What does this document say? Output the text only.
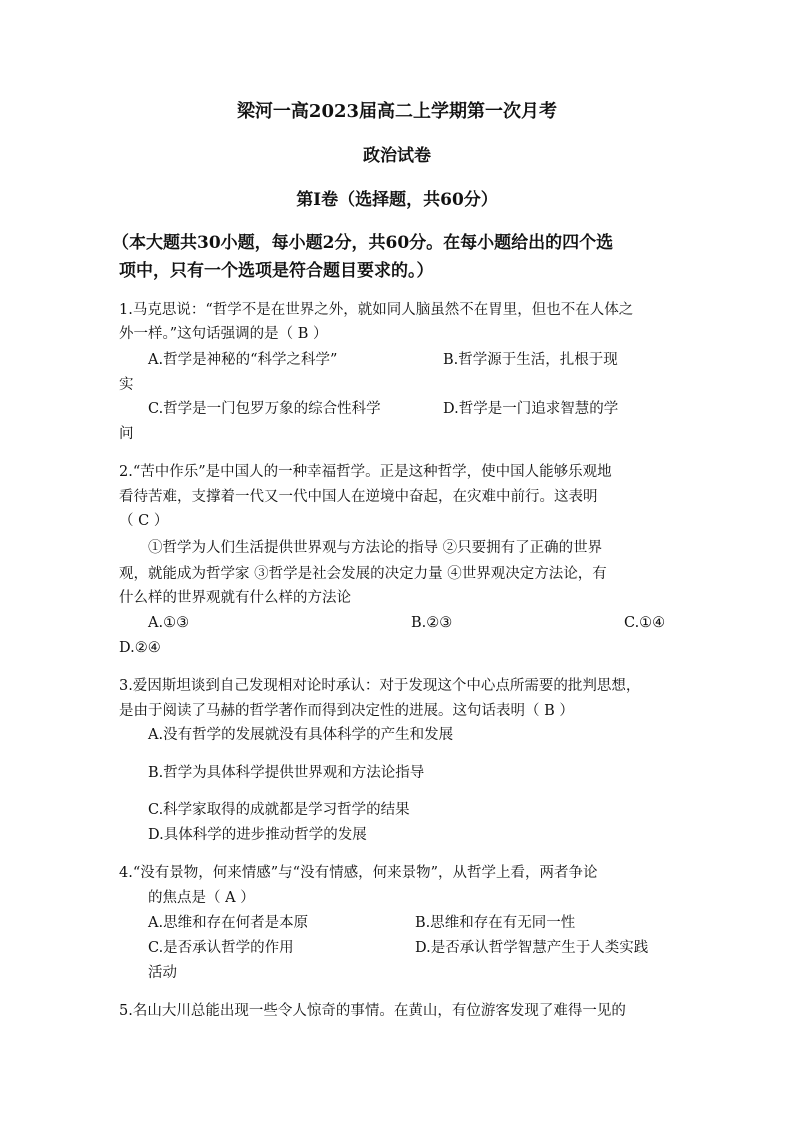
梁河一高2023届高二上学期第一次月考
政治试卷
第Ⅰ卷（选择题，共60分）
（本大题共30小题，每小题2分，共60分。在每小题给出的四个选
项中，只有一个选项是符合题目要求的。）
1.马克思说：“哲学不是在世界之外，就如同人脑虽然不在胃里，但也不在人体之
外一样。”这句话强调的是（ B ）
A.哲学是神秘的“科学之科学”	B.哲学源于生活，扎根于现
实
C.哲学是一门包罗万象的综合性科学	D.哲学是一门追求智慧的学
问
2.“苦中作乐”是中国人的一种幸福哲学。正是这种哲学，使中国人能够乐观地
看待苦难，支撑着一代又一代中国人在逆境中奋起，在灾难中前行。这表明
（ C ）
①哲学为人们生活提供世界观与方法论的指导 ②只要拥有了正确的世界
观，就能成为哲学家 ③哲学是社会发展的决定力量 ④世界观决定方法论，有
什么样的世界观就有什么样的方法论
A.①③	B.②③	C.①④
D.②④
3.爱因斯坦谈到自己发现相对论时承认：对于发现这个中心点所需要的批判思想，
是由于阅读了马赫的哲学著作而得到决定性的进展。这句话表明（ B ）
A.没有哲学的发展就没有具体科学的产生和发展
B.哲学为具体科学提供世界观和方法论指导
C.科学家取得的成就都是学习哲学的结果
D.具体科学的进步推动哲学的发展
4.“没有景物，何来情感”与“没有情感，何来景物”，从哲学上看，两者争论
的焦点是（ A ）
A.思维和存在何者是本原	B.思维和存在有无同一性
C.是否承认哲学的作用	D.是否承认哲学智慧产生于人类实践
活动
5.名山大川总能出现一些令人惊奇的事情。在黄山，有位游客发现了难得一见的
